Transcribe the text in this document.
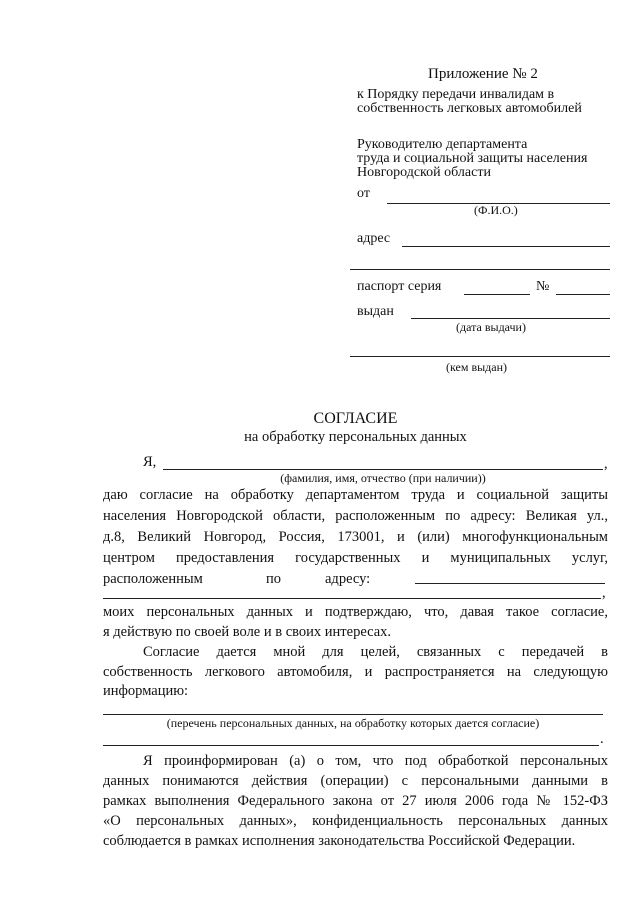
Приложение № 2
к Порядку передачи инвалидам в
собственность легковых автомобилей
Руководителю департамента
труда и социальной защиты населения
Новгородской области
от
(Ф.И.О.)
адрес
паспорт серия	№
выдан
(дата выдачи)
(кем выдан)
СОГЛАСИЕ
на обработку персональных данных
Я,	,
(фамилия, имя, отчество (при наличии))
даю согласие на обработку департаментом труда и социальной защиты
населения Новгородской области, расположенным по адресу: Великая ул.,
д.8, Великий Новгород, Россия, 173001, и (или) многофункциональным
центром предоставления государственных и муниципальных услуг,
расположенным	по	адресу:
,
моих персональных данных и подтверждаю, что, давая такое согласие,
я действую по своей воле и в своих интересах.
Согласие дается мной для целей, связанных с передачей в
собственность легкового автомобиля, и распространяется на следующую
информацию:
(перечень персональных данных, на обработку которых дается согласие)
.
Я проинформирован (а) о том, что под обработкой персональных
данных понимаются действия (операции) с персональными данными в
рамках выполнения Федерального закона от 27 июля 2006 года № 152-ФЗ
«О персональных данных», конфиденциальность персональных данных
соблюдается в рамках исполнения законодательства Российской Федерации.
